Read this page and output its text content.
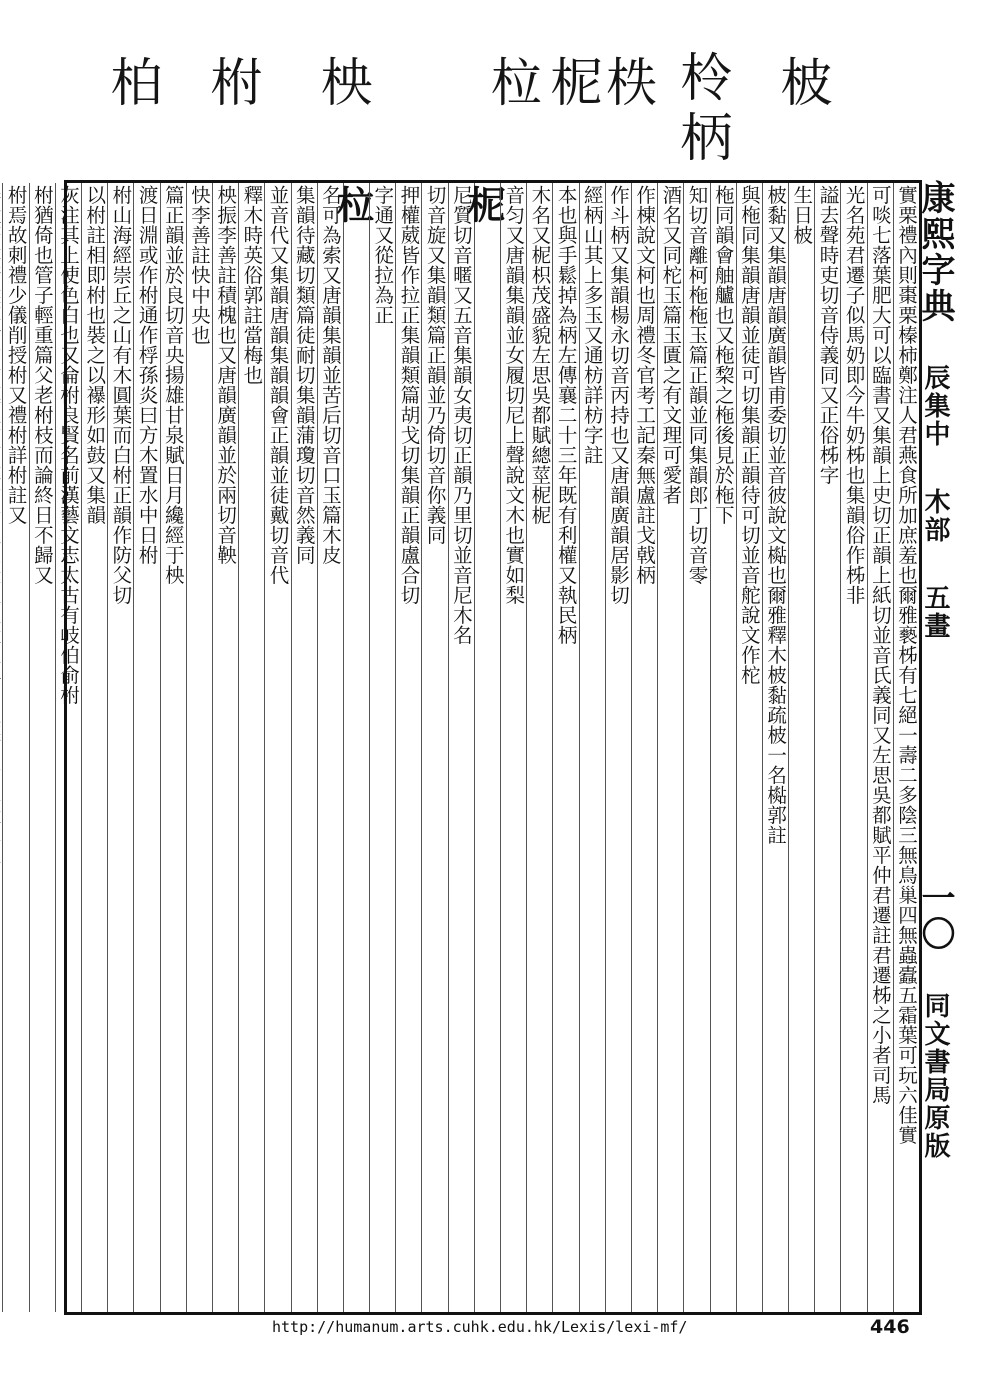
柏 柎 柍 柆 柅
柣 柃
柄
柀
康熙字典辰集中木部五畫一〇同文書局原版
實栗禮內則棗栗榛柿鄭注人君燕食所加庶羞也爾雅褻柹有七絕一壽二多陰三無鳥巢四無蟲蠹五霜葉可玩六佳實
可啖七落葉肥大可以臨書又集韻上史切正韻上紙切並音氏義同又左思吳都賦平仲君遷註君遷柹之小者司馬
光名苑君遷子似馬奶即今牛奶柹也集韻俗作柹非
謚去聲時吏切音侍義同又正俗柹字
生日柀
柀黏又集韻唐韻廣韻皆甫委切並音彼說文檆也爾雅釋木柀黏疏柀一名檆郭註
與柂同集韻唐韻並徒可切集韻正韻待可切並音舵說文作柁
柂同韻會舳艫也又柂棃之柂後見於柂下
知切音離柯柂柂玉篇正韻並同集韻郎丁切音零
酒名又同柁玉篇玉匱之有文理可愛者
作棟說文柯也周禮冬官考工記秦無盧註戈戟柄
作斗柄又集韻楊永切音丙持也又唐韻廣韻居影切
經柄山其上多玉又通枋詳枋字註
本也與手鬆掉為柄左傳襄二十三年既有利權又執民柄
木名又柅枳茂盛貌左思吳都賦總莖柅柅
音匀又唐韻集韻並女履切尼上聲說文木也實如梨
柅
尼質切音暱又五音集韻女夷切正韻乃里切並音尼木名
切音旋又集韻類篇正韻並乃倚切音你義同
押權葳皆作拉正集韻類篇胡戈切集韻正韻盧合切
字通又從拉為正
柆
名可為索又唐韻集韻並苦后切音口玉篇木皮
集韻待藏切類篇徒耐切集韻蒲瓊切音然義同
並音代又集韻唐韻集韻韻會正韻並徒戴切音代
釋木時英俗郭註當梅也
柍振李善註積槐也又唐韻廣韻並於兩切音鞅
快李善註快中央也
篇正韻並於良切音央揚雄甘泉賦日月纔經于柍
渡日淵或作柎通作桴孫炎曰方木置水中日柎
柎山海經崇丘之山有木圓葉而白柎正韻作防父切
以柎註相即柎也裝之以襮形如鼓又集韻
灰注其上使色白也又侖柎良賢名前漢藝文志太古有岐伯俞柎
柎猶倚也管子輕重篇父老柎枝而論終日不歸又
柎焉故刺禮少儀削授柎又禮柎詳柎註又
http://humanum.arts.cuhk.edu.hk/Lexis/lexi-mf/	446
